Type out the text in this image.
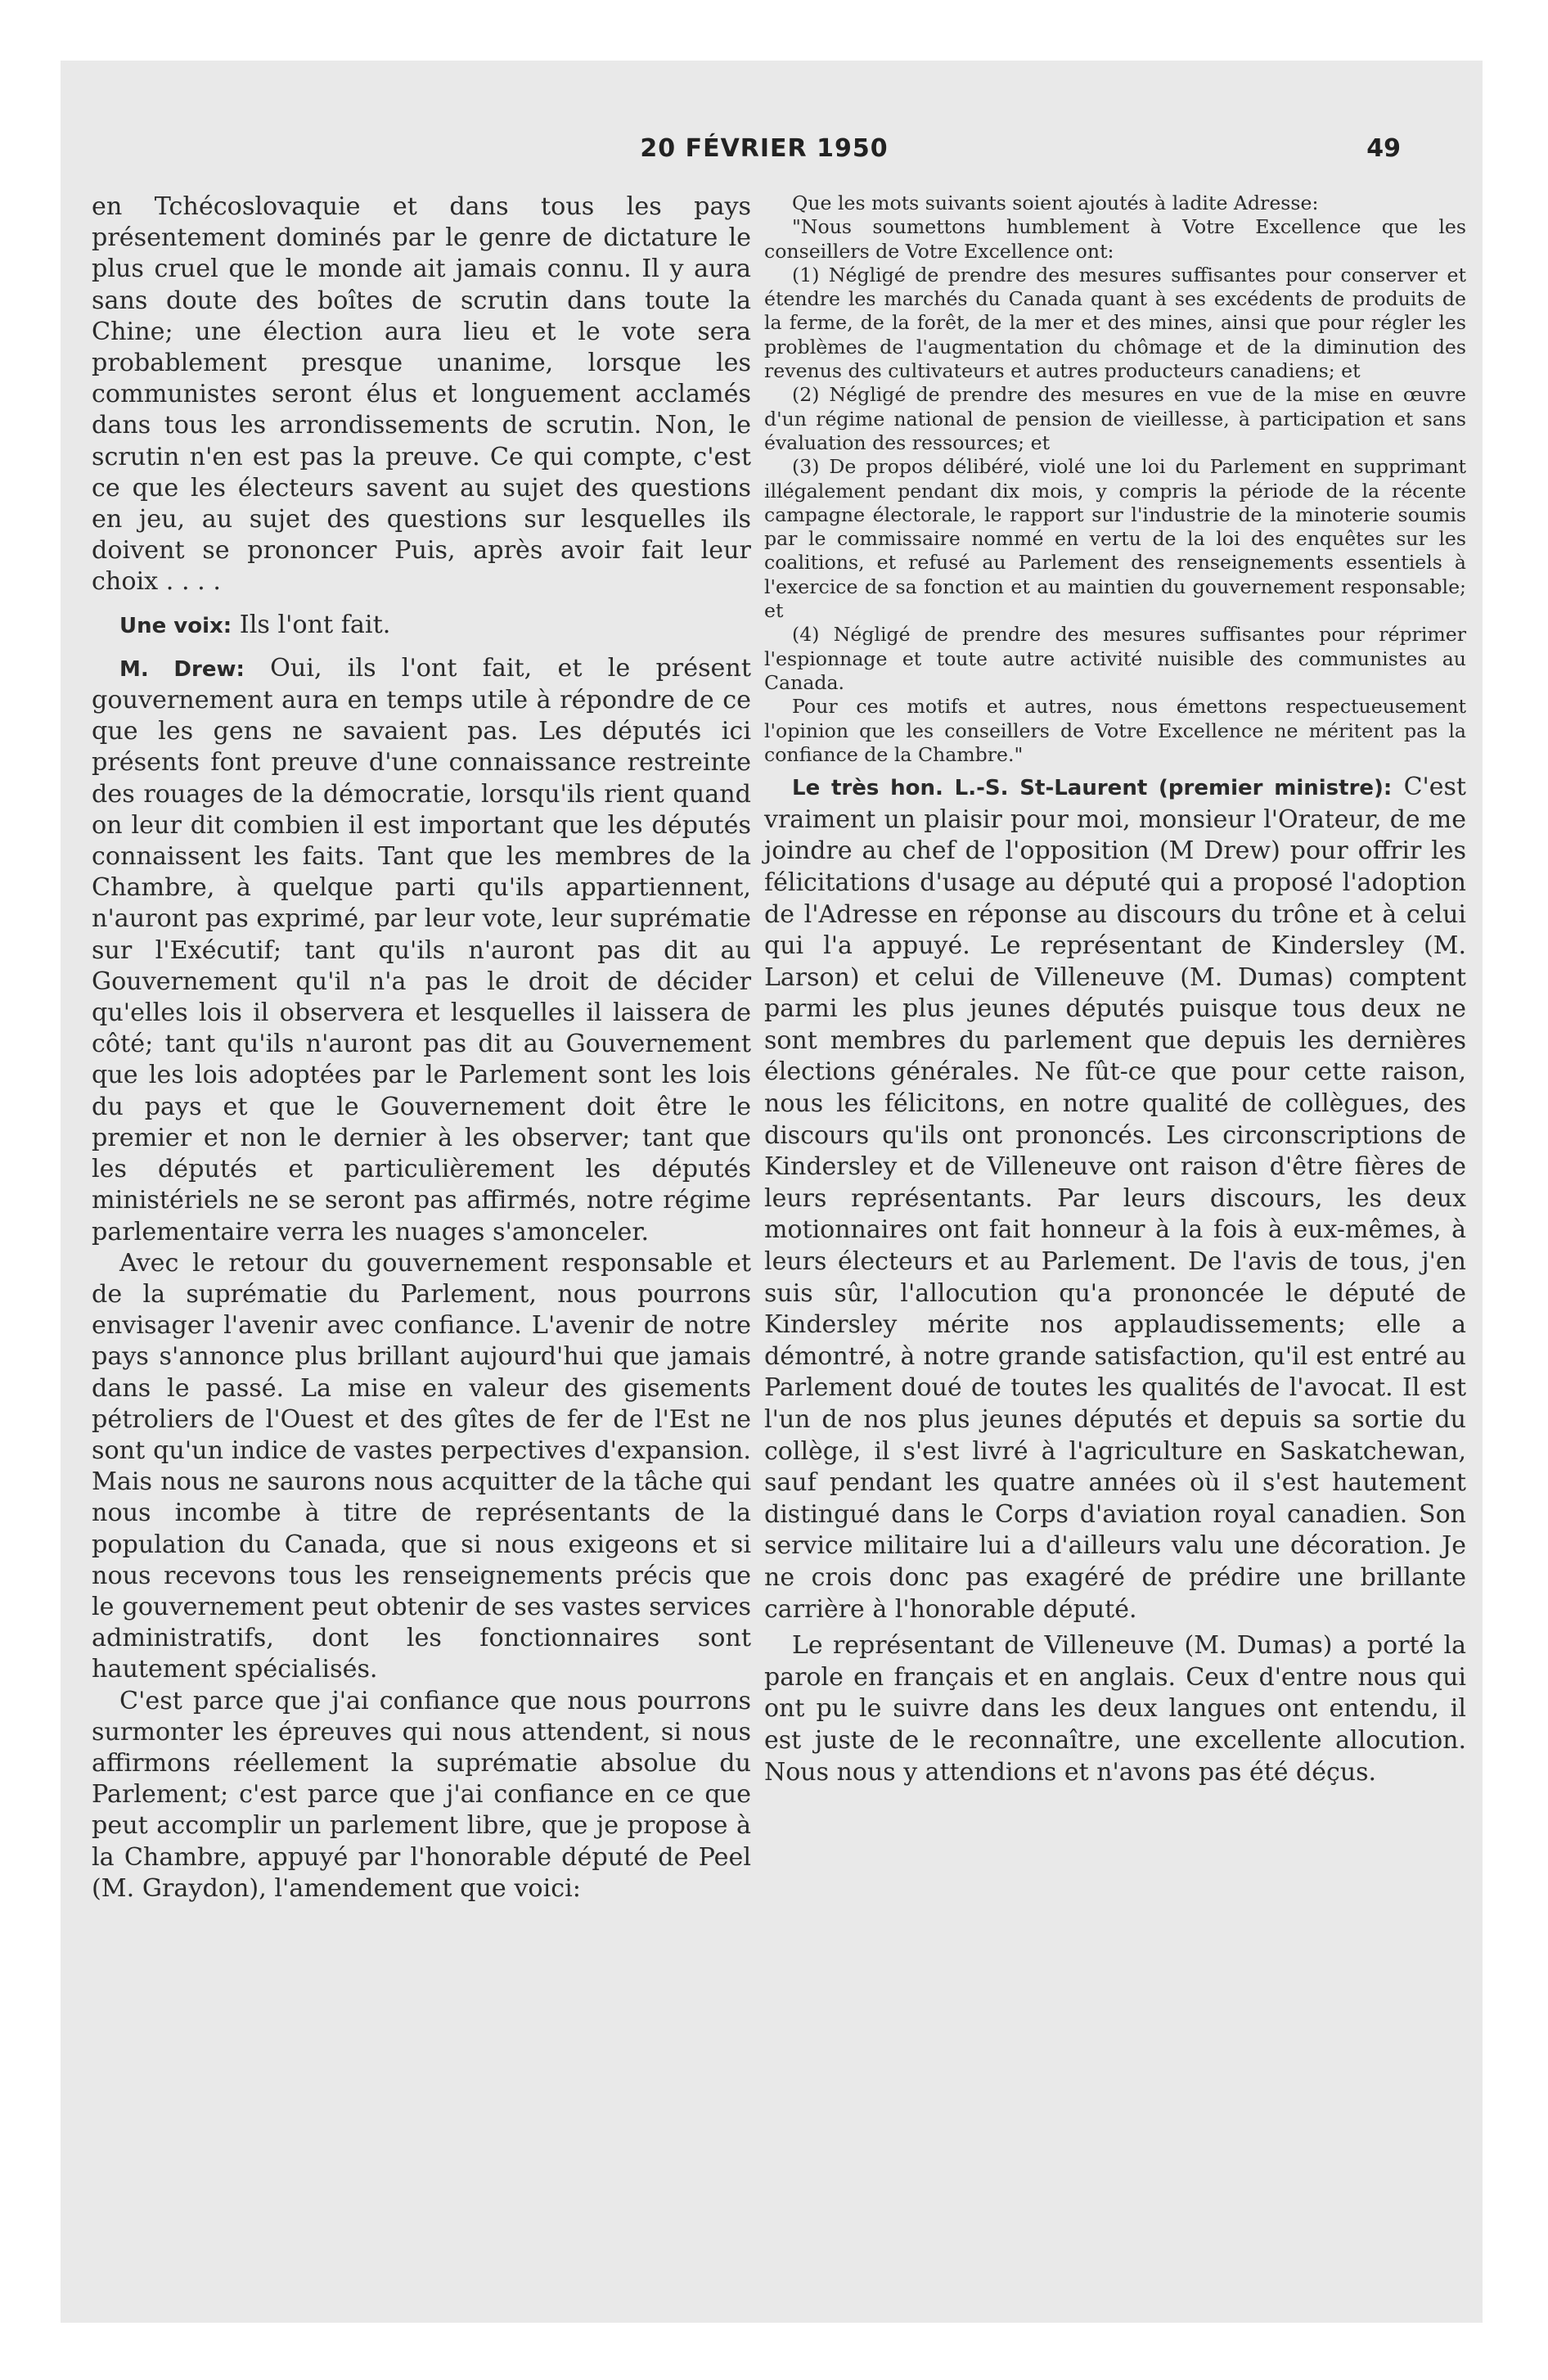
20 FÉVRIER 1950	49

en Tchécoslovaquie et dans tous les pays présentement dominés par le genre de dictature le plus cruel que le monde ait jamais connu. Il y aura sans doute des boîtes de scrutin dans toute la Chine; une élection aura lieu et le vote sera probablement presque unanime, lorsque les communistes seront élus et longuement acclamés dans tous les arrondissements de scrutin. Non, le scrutin n'en est pas la preuve. Ce qui compte, c'est ce que les électeurs savent au sujet des questions en jeu, au sujet des questions sur lesquelles ils doivent se prononcer Puis, après avoir fait leur choix . . . .

Une voix: Ils l'ont fait.

M. Drew: Oui, ils l'ont fait, et le présent gouvernement aura en temps utile à répondre de ce que les gens ne savaient pas. Les députés ici présents font preuve d'une connaissance restreinte des rouages de la démocratie, lorsqu'ils rient quand on leur dit combien il est important que les députés connaissent les faits. Tant que les membres de la Chambre, à quelque parti qu'ils appartiennent, n'auront pas exprimé, par leur vote, leur suprématie sur l'Exécutif; tant qu'ils n'auront pas dit au Gouvernement qu'il n'a pas le droit de décider qu'elles lois il observera et lesquelles il laissera de côté; tant qu'ils n'auront pas dit au Gouvernement que les lois adoptées par le Parlement sont les lois du pays et que le Gouvernement doit être le premier et non le dernier à les observer; tant que les députés et particulièrement les députés ministériels ne se seront pas affirmés, notre régime parlementaire verra les nuages s'amonceler.

Avec le retour du gouvernement responsable et de la suprématie du Parlement, nous pourrons envisager l'avenir avec confiance. L'avenir de notre pays s'annonce plus brillant aujourd'hui que jamais dans le passé. La mise en valeur des gisements pétroliers de l'Ouest et des gîtes de fer de l'Est ne sont qu'un indice de vastes perpectives d'expansion. Mais nous ne saurons nous acquitter de la tâche qui nous incombe à titre de représentants de la population du Canada, que si nous exigeons et si nous recevons tous les renseignements précis que le gouvernement peut obtenir de ses vastes services administratifs, dont les fonctionnaires sont hautement spécialisés.

C'est parce que j'ai confiance que nous pourrons surmonter les épreuves qui nous attendent, si nous affirmons réellement la suprématie absolue du Parlement; c'est parce que j'ai confiance en ce que peut accomplir un parlement libre, que je propose à la Chambre, appuyé par l'honorable député de Peel (M. Graydon), l'amendement que voici:

Que les mots suivants soient ajoutés à ladite Adresse:

"Nous soumettons humblement à Votre Excellence que les conseillers de Votre Excellence ont:

(1) Négligé de prendre des mesures suffisantes pour conserver et étendre les marchés du Canada quant à ses excédents de produits de la ferme, de la forêt, de la mer et des mines, ainsi que pour régler les problèmes de l'augmentation du chômage et de la diminution des revenus des cultivateurs et autres producteurs canadiens; et

(2) Négligé de prendre des mesures en vue de la mise en œuvre d'un régime national de pension de vieillesse, à participation et sans évaluation des ressources; et

(3) De propos délibéré, violé une loi du Parlement en supprimant illégalement pendant dix mois, y compris la période de la récente campagne électorale, le rapport sur l'industrie de la minoterie soumis par le commissaire nommé en vertu de la loi des enquêtes sur les coalitions, et refusé au Parlement des renseignements essentiels à l'exercice de sa fonction et au maintien du gouvernement responsable; et

(4) Négligé de prendre des mesures suffisantes pour réprimer l'espionnage et toute autre activité nuisible des communistes au Canada.

Pour ces motifs et autres, nous émettons respectueusement l'opinion que les conseillers de Votre Excellence ne méritent pas la confiance de la Chambre."

Le très hon. L.-S. St-Laurent (premier ministre): C'est vraiment un plaisir pour moi, monsieur l'Orateur, de me joindre au chef de l'opposition (M Drew) pour offrir les félicitations d'usage au député qui a proposé l'adoption de l'Adresse en réponse au discours du trône et à celui qui l'a appuyé. Le représentant de Kindersley (M. Larson) et celui de Villeneuve (M. Dumas) comptent parmi les plus jeunes députés puisque tous deux ne sont membres du parlement que depuis les dernières élections générales. Ne fût-ce que pour cette raison, nous les félicitons, en notre qualité de collègues, des discours qu'ils ont prononcés. Les circonscriptions de Kindersley et de Villeneuve ont raison d'être fières de leurs représentants. Par leurs discours, les deux motionnaires ont fait honneur à la fois à eux-mêmes, à leurs électeurs et au Parlement. De l'avis de tous, j'en suis sûr, l'allocution qu'a prononcée le député de Kindersley mérite nos applaudissements; elle a démontré, à notre grande satisfaction, qu'il est entré au Parlement doué de toutes les qualités de l'avocat. Il est l'un de nos plus jeunes députés et depuis sa sortie du collège, il s'est livré à l'agriculture en Saskatchewan, sauf pendant les quatre années où il s'est hautement distingué dans le Corps d'aviation royal canadien. Son service militaire lui a d'ailleurs valu une décoration. Je ne crois donc pas exagéré de prédire une brillante carrière à l'honorable député.

Le représentant de Villeneuve (M. Dumas) a porté la parole en français et en anglais. Ceux d'entre nous qui ont pu le suivre dans les deux langues ont entendu, il est juste de le reconnaître, une excellente allocution. Nous nous y attendions et n'avons pas été déçus.
